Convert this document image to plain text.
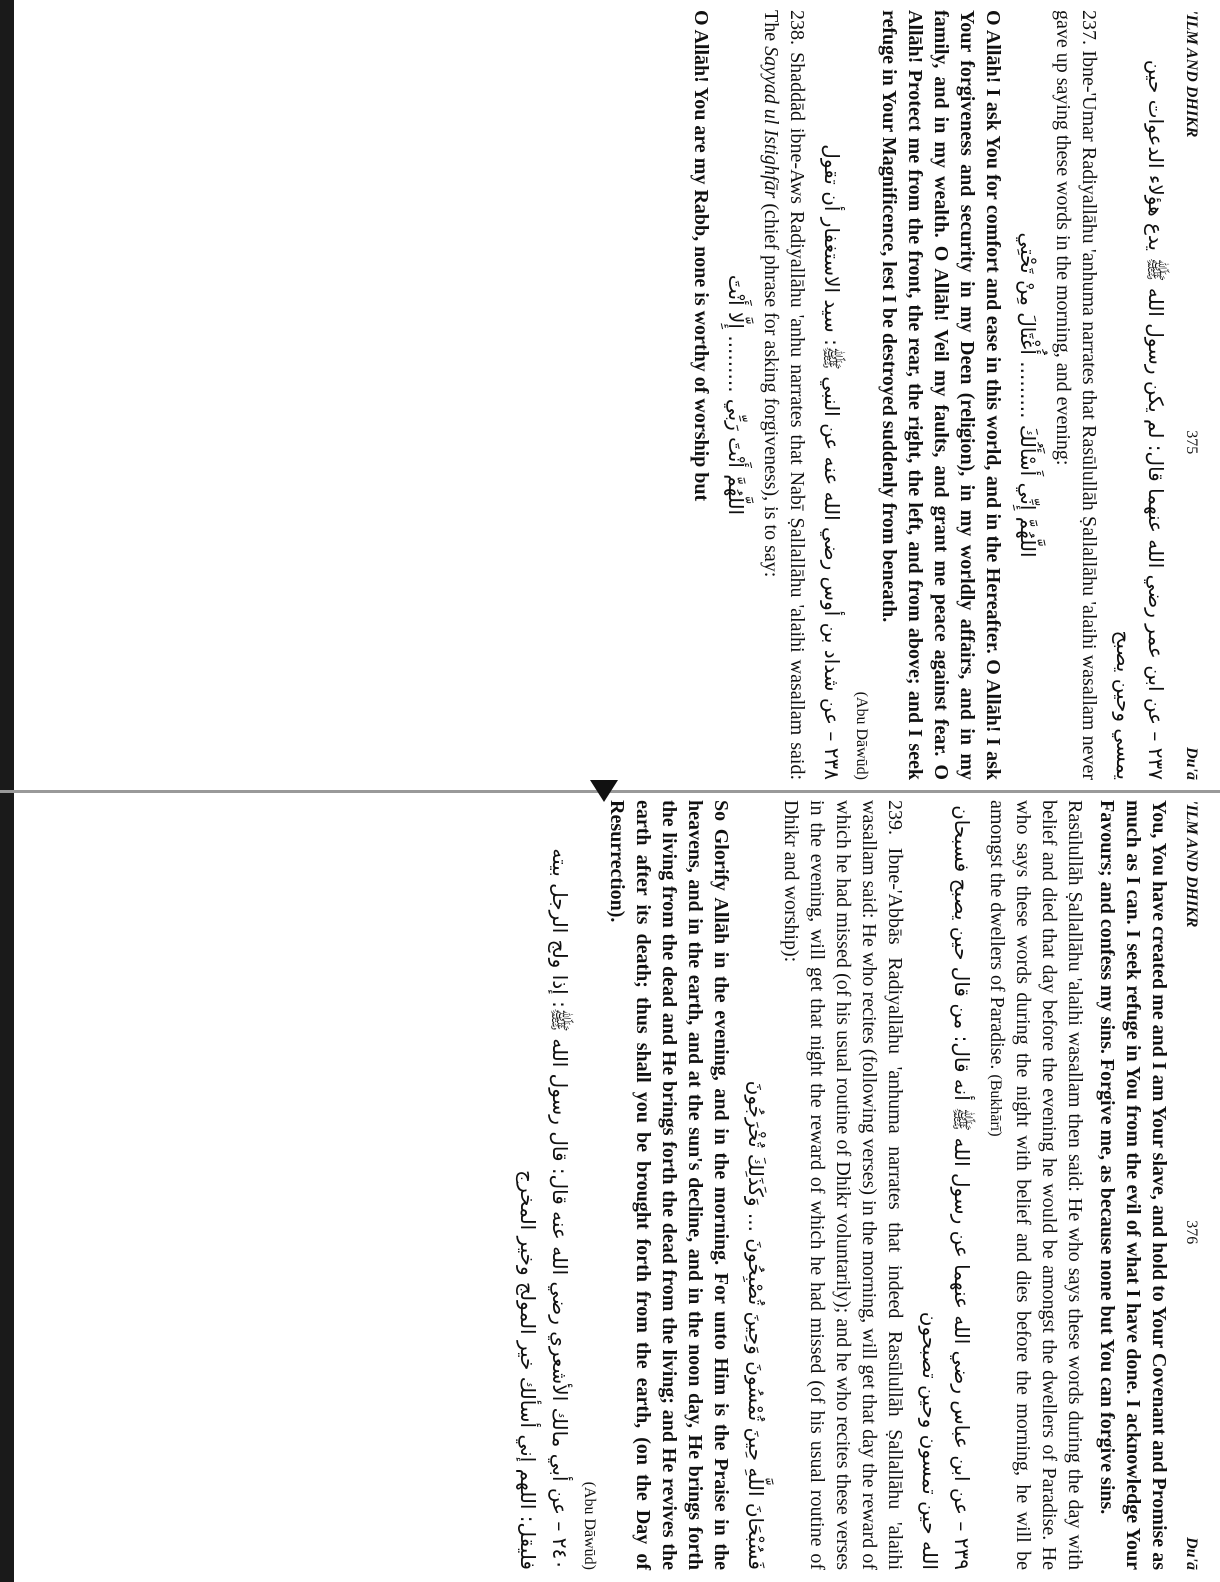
'ILM AND DHIKR
375
Du'ā
٢٣٧ – عن ابن عمر رضي الله عنهما قال: لم يكن رسول الله ﷺ يدع هؤلاء الدعوات حين يمسي وحين يصبح

237. Ibne-'Umar Radiyallāhu 'anhuma narrates that Rasūlullāh Ṣallallāhu 'alaihi wasallam never gave up saying these words in the morning, and evening:

اللَّهُمَّ إِنِّي أَسْأَلُكَ ......... أُغْتَالَ مِنْ تَحْتِي

O Allāh! I ask You for comfort and ease in this world, and in the Hereafter. O Allāh! I ask Your forgiveness and security in my Deen (religion), in my worldly affairs, and in my family, and in my wealth. O Allāh! Veil my faults, and grant me peace against fear. O Allāh! Protect me from the front, the rear, the right, the left, and from above; and I seek refuge in Your Magnificence, lest I be destroyed suddenly from beneath.

(Abu Dāwūd)
٢٣٨ – عن شداد بن أوس رضي الله عنه عن النبي ﷺ: سيد الاستغفار أن تقول

238. Shaddād ibne-Aws Radiyallāhu 'anhu narrates that Nabī Ṣallallāhu 'alaihi wasallam said: The Sayyad ul Istighfār (chief phrase for asking forgiveness), is to say:

اللَّهُمَّ أَنْتَ رَبِّي ......... إِلَّا أَنْتَ

O Allāh! You are my Rabb, none is worthy of worship but

'ILM AND DHIKR
376
Du'ā

You, You have created me and I am Your slave, and hold to Your Covenant and Promise as much as I can. I seek refuge in You from the evil of what I have done. I acknowledge Your Favours; and confess my sins. Forgive me, as because none but You can forgive sins.

Rasūlullāh Ṣallallāhu 'alaihi wasallam then said: He who says these words during the day with belief and died that day before the evening he would be amongst the dwellers of Paradise. He who says these words during the night with belief and dies before the morning, he will be amongst the dwellers of Paradise. (Bukhārī)

٢٣٩ – عن ابن عباس رضي الله عنهما عن رسول الله ﷺ أنه قال: من قال حين يصبح فسبحان الله حين تمسون وحين تصبحون

239. Ibne-'Abbās Radiyallāhu 'anhuma narrates that indeed Rasūlullāh Ṣallallāhu 'alaihi wasallam said: He who recites (following verses) in the morning, will get that day the reward of which he had missed (of his usual routine of Dhikr voluntarily); and he who recites these verses in the evening, will get that night the reward of which he had missed (of his usual routine of Dhikr and worship):

فَسُبْحَانَ اللَّهِ حِينَ تُمْسُونَ وَحِينَ تُصْبِحُونَ ... وَكَذَلِكَ تُخْرَجُونَ

So Glorify Allāh in the evening, and in the morning. For unto Him is the Praise in the heavens, and in the earth, and at the sun's decline, and in the noon day, He brings forth the living from the dead and He brings forth the dead from the living; and He revives the earth after its death; thus shall you be brought forth from the earth, (on the Day of Resurrection).

(Abu Dāwūd)
٢٤٠ – عن أبي مالك الأشعري رضي الله عنه قال: قال رسول الله ﷺ: إذا ولج الرجل بيته فليقل: اللهم إني أسألك خير المولج وخير المخرج
